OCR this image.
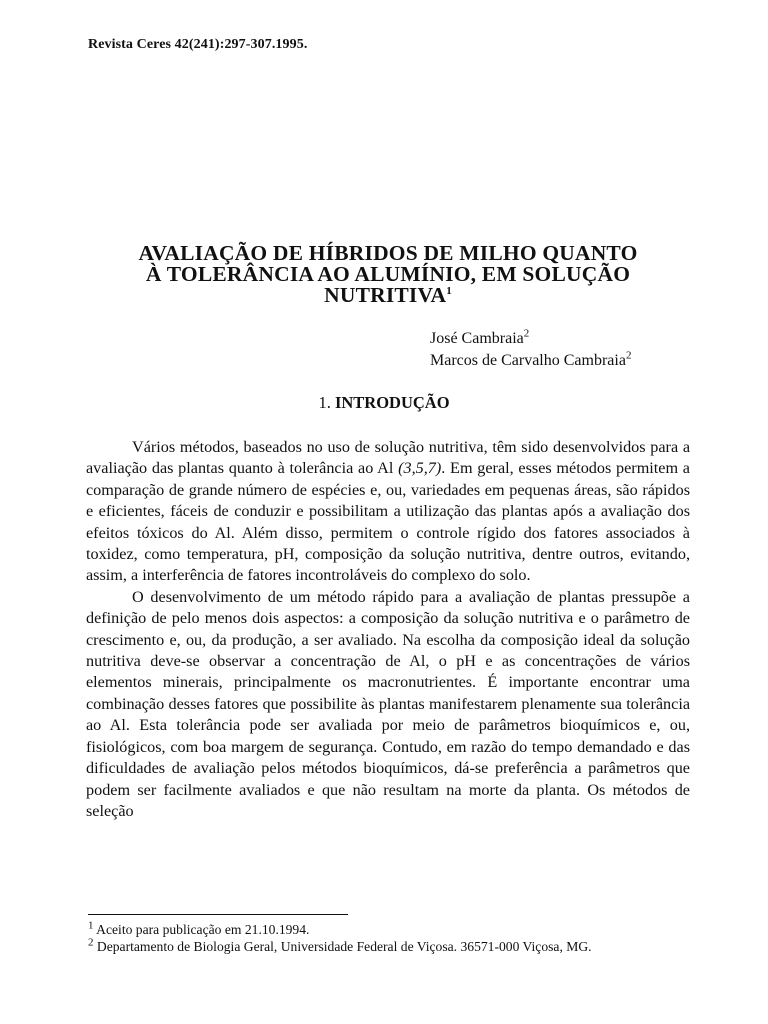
Revista Ceres 42(241):297-307.1995.
AVALIAÇÃO DE HÍBRIDOS DE MILHO QUANTO
À TOLERÂNCIA AO ALUMÍNIO, EM SOLUÇÃO
NUTRITIVA$^1$
José Cambraia$^2$
Marcos de Carvalho Cambraia$^2$
1. INTRODUÇÃO

Vários métodos, baseados no uso de solução nutritiva, têm sido desenvolvidos para a avaliação das plantas quanto à tolerância ao Al (3,5,7). Em geral, esses métodos permitem a comparação de grande número de espécies e, ou, variedades em pequenas áreas, são rápidos e eficientes, fáceis de conduzir e possibilitam a utilização das plantas após a avaliação dos efeitos tóxicos do Al. Além disso, permitem o controle rígido dos fatores associados à toxidez, como temperatura, pH, composição da solução nutritiva, dentre outros, evitando, assim, a interferência de fatores incontroláveis do complexo do solo.

O desenvolvimento de um método rápido para a avaliação de plantas pressupõe a definição de pelo menos dois aspectos: a composição da solução nutritiva e o parâmetro de crescimento e, ou, da produção, a ser avaliado. Na escolha da composição ideal da solução nutritiva deve-se observar a concentração de Al, o pH e as concentrações de vários elementos minerais, principalmente os macronutrientes. É importante encontrar uma combinação desses fatores que possibilite às plantas manifestarem plenamente sua tolerância ao Al. Esta tolerância pode ser avaliada por meio de parâmetros bioquímicos e, ou, fisiológicos, com boa margem de segurança. Contudo, em razão do tempo demandado e das dificuldades de avaliação pelos métodos bioquímicos, dá-se preferência a parâmetros que podem ser facilmente avaliados e que não resultam na morte da planta. Os métodos de seleção

$^1$ Aceito para publicação em 21.10.1994.
$^2$ Departamento de Biologia Geral, Universidade Federal de Viçosa. 36571-000 Viçosa, MG.
